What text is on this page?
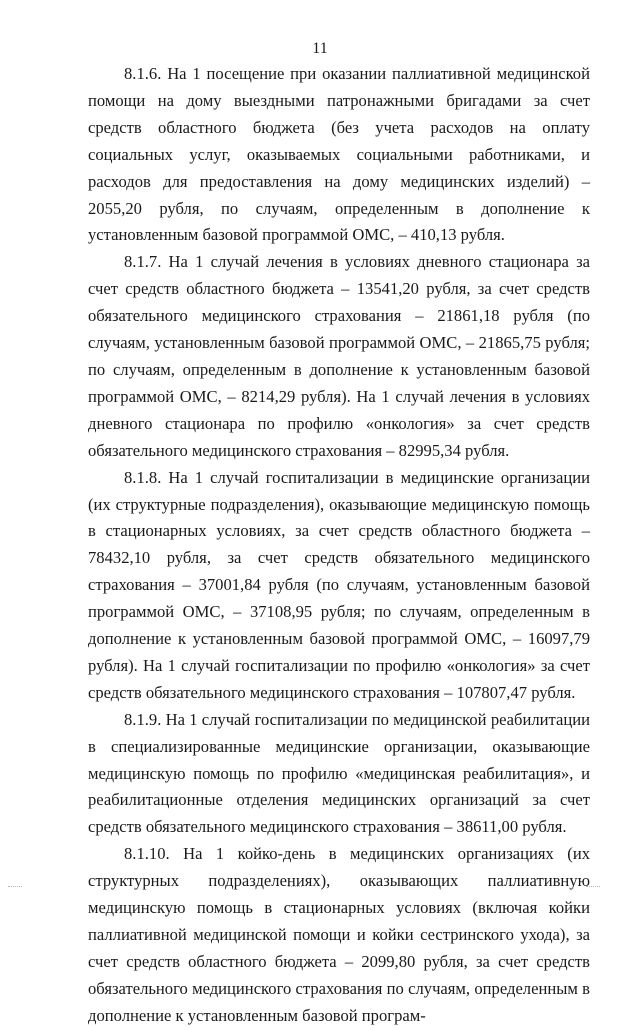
11

8.1.6. На 1 посещение при оказании паллиативной медицинской помощи на дому выездными патронажными бригадами за счет средств областного бюджета (без учета расходов на оплату социальных услуг, оказываемых социальными работниками, и расходов для предоставления на дому медицинских изделий) – 2055,20 рубля, по случаям, определенным в дополнение к установленным базовой программой ОМС, – 410,13 рубля.

8.1.7. На 1 случай лечения в условиях дневного стационара за счет средств областного бюджета – 13541,20 рубля, за счет средств обязательного медицинского страхования – 21861,18 рубля (по случаям, установленным базовой программой ОМС, – 21865,75 рубля; по случаям, определенным в дополнение к установленным базовой программой ОМС, – 8214,29 рубля). На 1 случай лечения в условиях дневного стационара по профилю «онкология» за счет средств обязательного медицинского страхования – 82995,34 рубля.

8.1.8. На 1 случай госпитализации в медицинские организации (их структурные подразделения), оказывающие медицинскую помощь в стационарных условиях, за счет средств областного бюджета – 78432,10 рубля, за счет средств обязательного медицинского страхования – 37001,84 рубля (по случаям, установленным базовой программой ОМС, – 37108,95 рубля; по случаям, определенным в дополнение к установленным базовой программой ОМС, – 16097,79 рубля). На 1 случай госпитализации по профилю «онкология» за счет средств обязательного медицинского страхования – 107807,47 рубля.

8.1.9. На 1 случай госпитализации по медицинской реабилитации в специализированные медицинские организации, оказывающие медицинскую помощь по профилю «медицинская реабилитация», и реабилитационные отделения медицинских организаций за счет средств обязательного медицинского страхования – 38611,00 рубля.

8.1.10. На 1 койко-день в медицинских организациях (их структурных подразделениях), оказывающих паллиативную медицинскую помощь в стационарных условиях (включая койки паллиативной медицинской помощи и койки сестринского ухода), за счет средств областного бюджета – 2099,80 рубля, за счет средств обязательного медицинского страхования по случаям, определенным в дополнение к установленным базовой програм-
